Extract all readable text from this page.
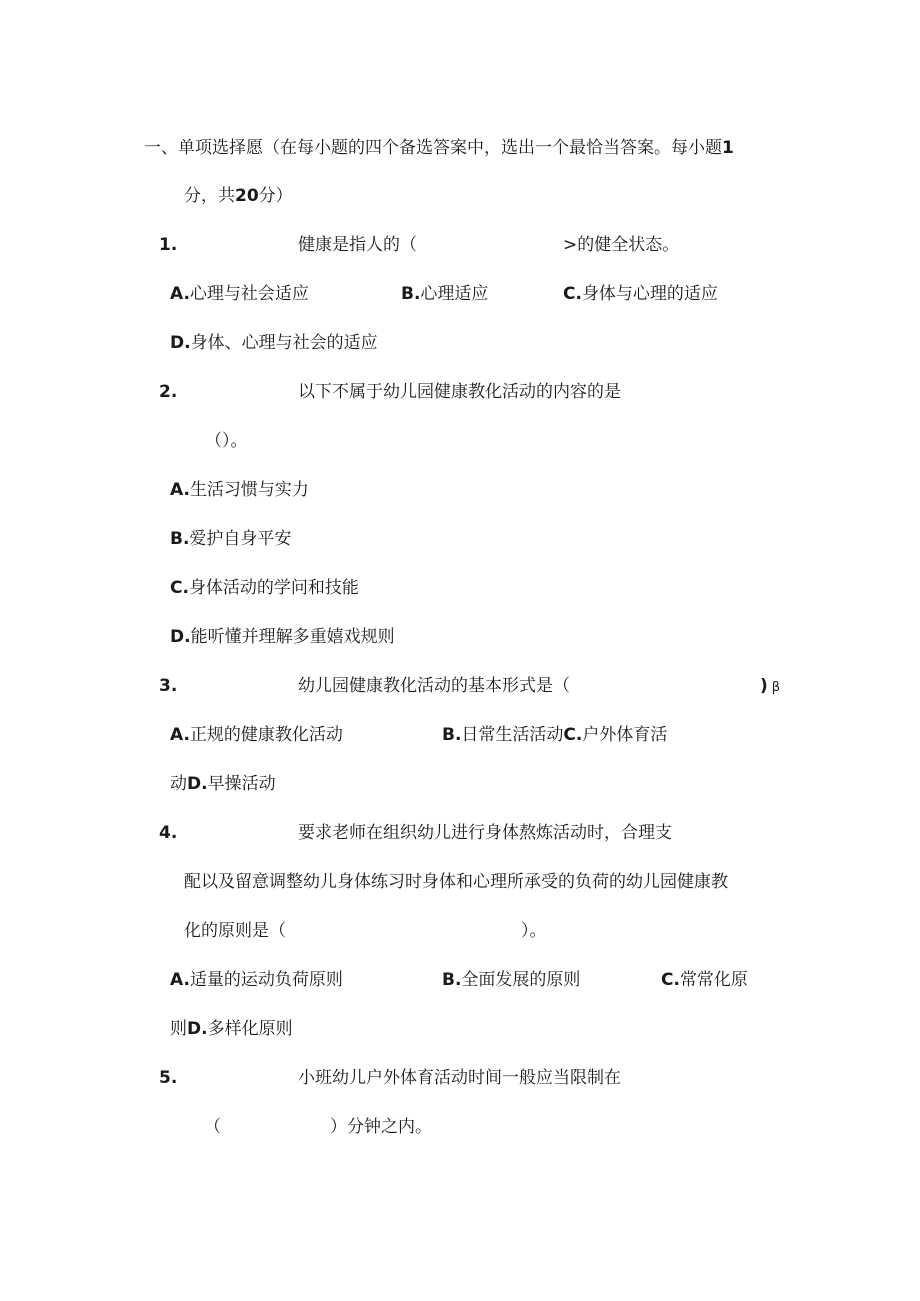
一、单项选择愿（在每小题的四个备选答案中，选出一个最恰当答案。每小题1
分，共20分）
1.	健康是指人的（	>的健全状态。
A.心理与社会适应	B.心理适应	C.身体与心理的适应
D.身体、心理与社会的适应
2.	以下不属于幼儿园健康教化活动的内容的是
（）。
A.生活习惯与实力
B.爱护自身平安
C.身体活动的学问和技能
D.能听懂并理解多重嬉戏规则
3.	幼儿园健康教化活动的基本形式是（	) β
A.正规的健康教化活动	B.日常生活活动C.户外体育活
动D.早操活动
4.	要求老师在组织幼儿进行身体熬炼活动时，合理支
配以及留意调整幼儿身体练习时身体和心理所承受的负荷的幼儿园健康教
化的原则是（	）。
A.适量的运动负荷原则	B.全面发展的原则	C.常常化原
则D.多样化原则
5.	小班幼儿户外体育活动时间一般应当限制在
（	）分钟之内。
